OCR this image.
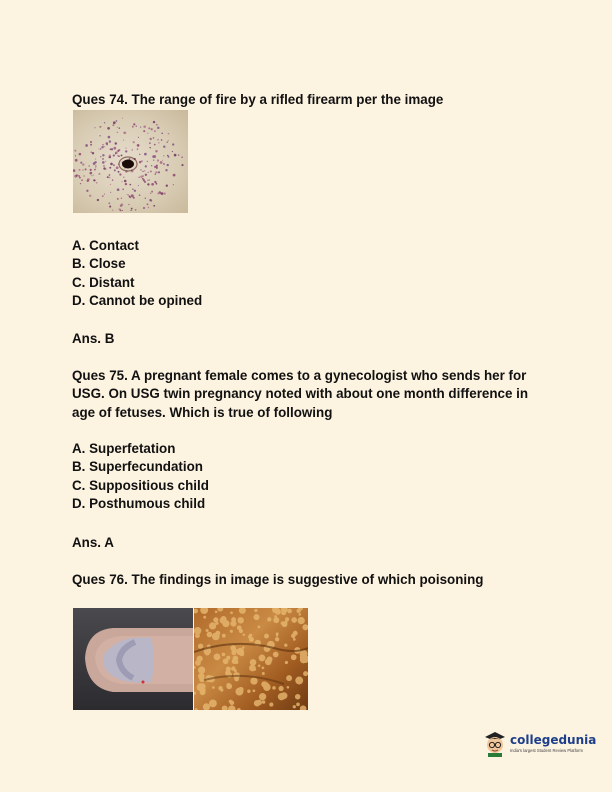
Ques 74. The range of fire by a rifled firearm per the image
A. Contact
B. Close
C. Distant
D. Cannot be opined
Ans. B
Ques 75. A pregnant female comes to a gynecologist who sends her for USG. On USG twin pregnancy noted with about one month difference in age of fetuses. Which is true of following
A. Superfetation
B. Superfecundation
C. Suppositious child
D. Posthumous child
Ans. A
Ques 76. The findings in image is suggestive of which poisoning
collegedunia
India's largest Student Review Platform
